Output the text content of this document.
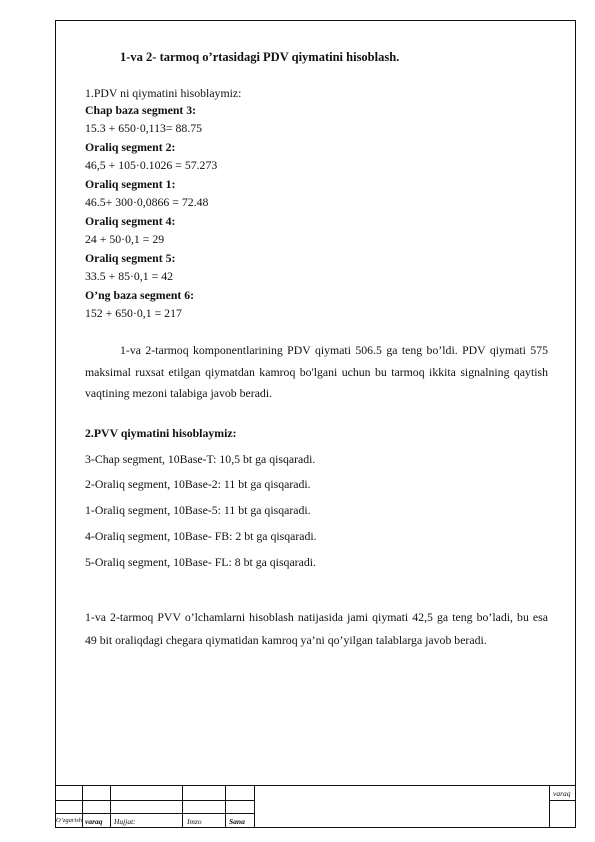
1-va 2- tarmoq o’rtasidagi PDV qiymatini hisoblash.
1.PDV ni qiymatini hisoblaymiz:
Chap baza segment 3:
15.3 + 650·0,113= 88.75
Oraliq segment 2:
46,5 + 105·0.1026 = 57.273
Oraliq segment 1:
46.5+ 300·0,0866 = 72.48
Oraliq segment 4:
24 + 50·0,1 = 29
Oraliq segment 5:
33.5 + 85·0,1 = 42
O’ng baza segment 6:
152 + 650·0,1 = 217
1-va 2-tarmoq komponentlarining PDV qiymati 506.5 ga teng bo’ldi. PDV qiymati 575 maksimal ruxsat etilgan qiymatdan kamroq bo'lgani uchun bu tarmoq ikkita signalning qaytish vaqtining mezoni talabiga javob beradi.
2.PVV qiymatini hisoblaymiz:
3-Chap segment, 10Base-T: 10,5 bt ga qisqaradi.
2-Oraliq segment, 10Base-2: 11 bt ga qisqaradi.
1-Oraliq segment, 10Base-5: 11 bt ga qisqaradi.
4-Oraliq segment, 10Base- FB: 2 bt ga qisqaradi.
5-Oraliq segment, 10Base- FL: 8 bt ga qisqaradi.
1-va 2-tarmoq PVV o’lchamlarni hisoblash natijasida jami qiymati 42,5 ga teng bo’ladi, bu esa 49 bit oraliqdagi chegara qiymatidan kamroq ya’ni qo’yilgan talablarga javob beradi.
varaq
O’zgarish varaq Hujjat:	Imzo	Sana
